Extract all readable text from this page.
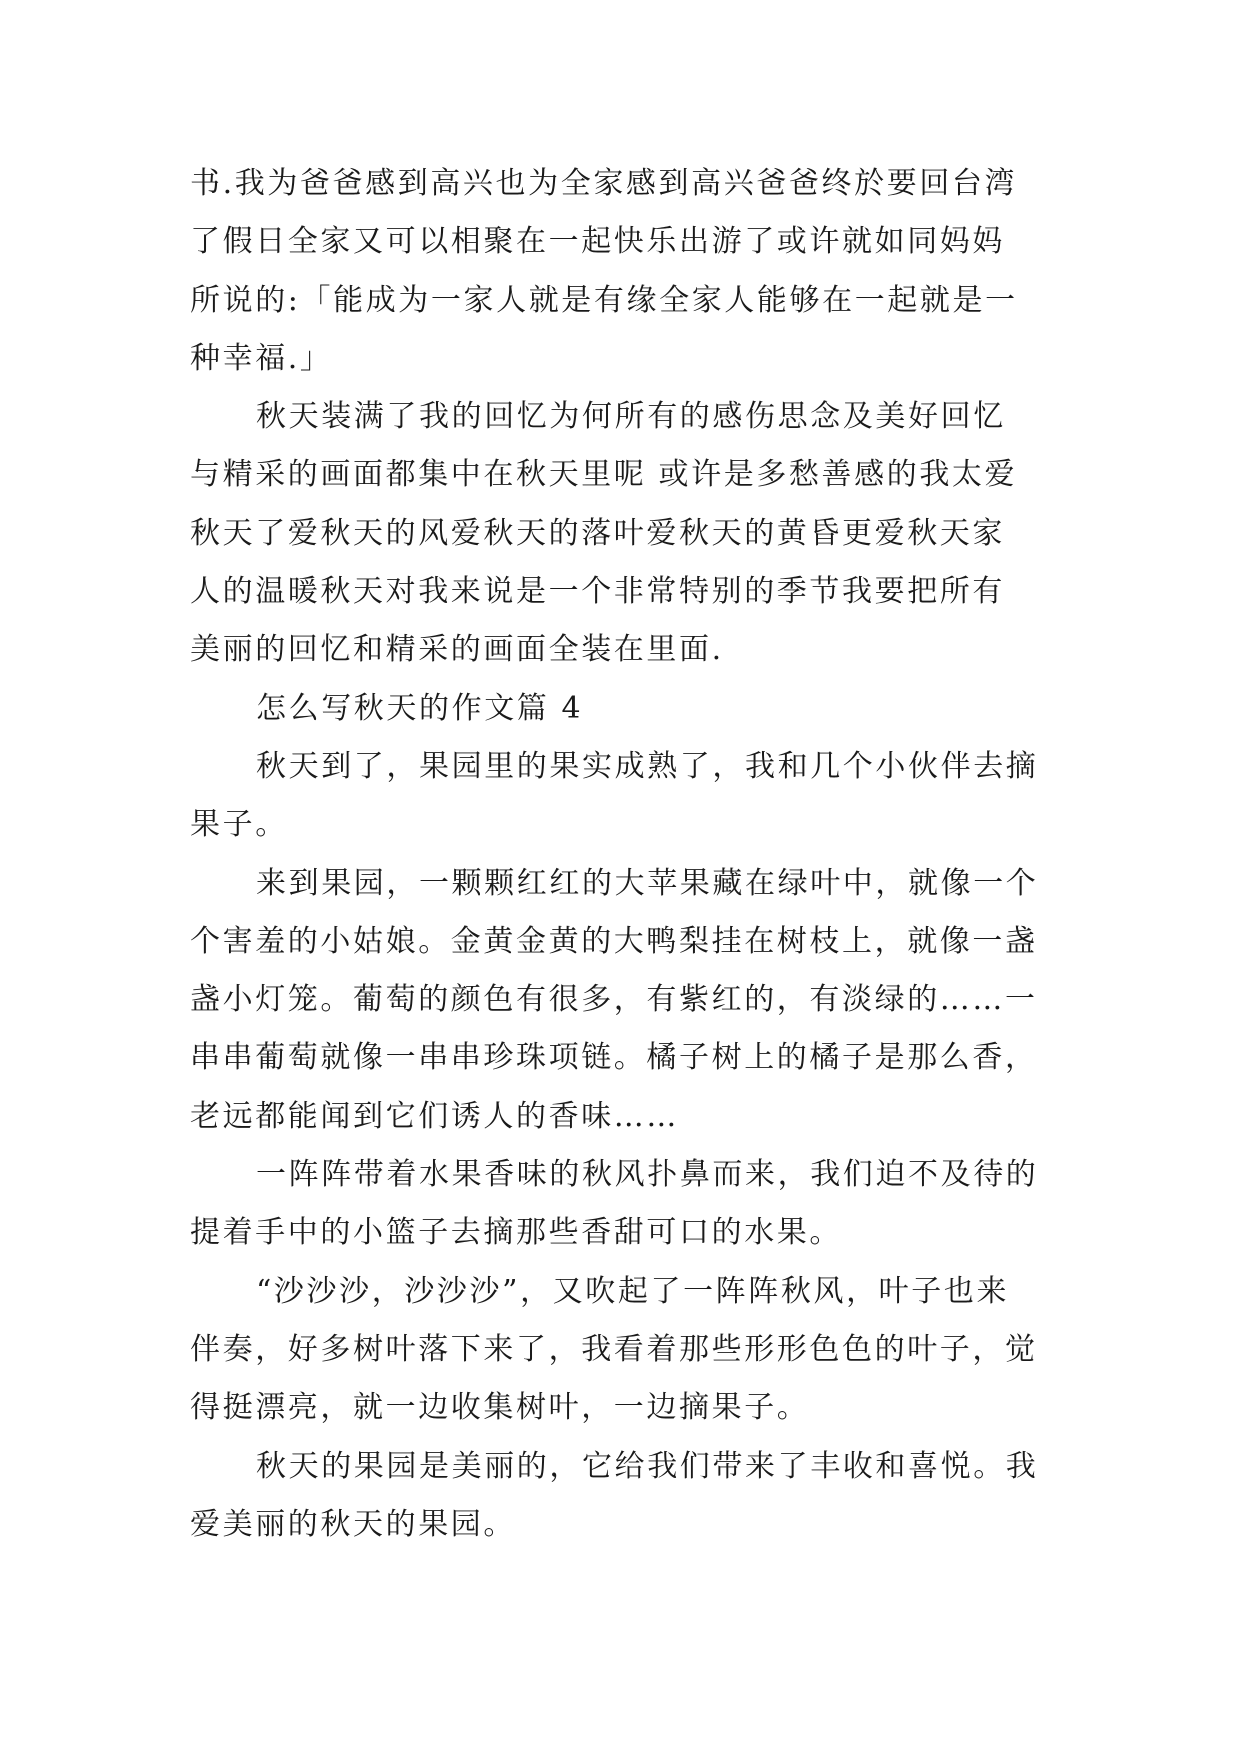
书.我为爸爸感到高兴也为全家感到高兴爸爸终於要回台湾
了假日全家又可以相聚在一起快乐出游了或许就如同妈妈
所说的:「能成为一家人就是有缘全家人能够在一起就是一
种幸福.」
秋天装满了我的回忆为何所有的感伤思念及美好回忆
与精采的画面都集中在秋天里呢 或许是多愁善感的我太爱
秋天了爱秋天的风爱秋天的落叶爱秋天的黄昏更爱秋天家
人的温暖秋天对我来说是一个非常特别的季节我要把所有
美丽的回忆和精采的画面全装在里面.
怎么写秋天的作文篇 4
秋天到了，果园里的果实成熟了，我和几个小伙伴去摘
果子。
来到果园，一颗颗红红的大苹果藏在绿叶中，就像一个
个害羞的小姑娘。金黄金黄的大鸭梨挂在树枝上，就像一盏
盏小灯笼。葡萄的颜色有很多，有紫红的，有淡绿的……一
串串葡萄就像一串串珍珠项链。橘子树上的橘子是那么香，
老远都能闻到它们诱人的香味……
一阵阵带着水果香味的秋风扑鼻而来，我们迫不及待的
提着手中的小篮子去摘那些香甜可口的水果。
“沙沙沙，沙沙沙”，又吹起了一阵阵秋风，叶子也来
伴奏，好多树叶落下来了，我看着那些形形色色的叶子，觉
得挺漂亮，就一边收集树叶，一边摘果子。
秋天的果园是美丽的，它给我们带来了丰收和喜悦。我
爱美丽的秋天的果园。
